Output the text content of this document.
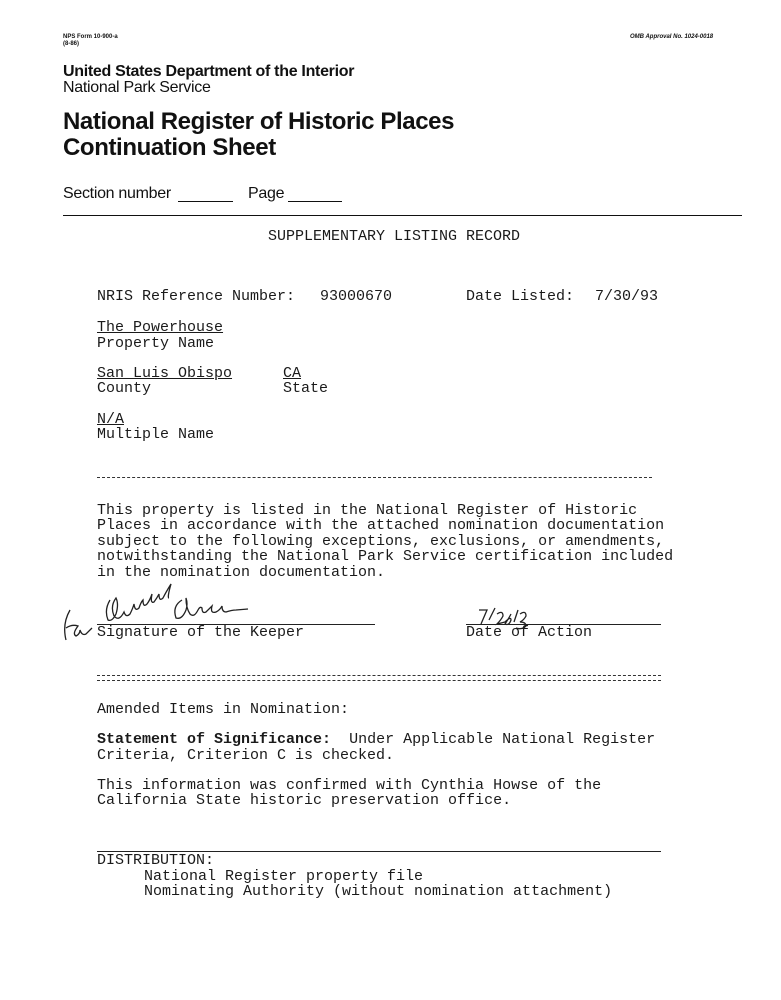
NPS Form 10-900-a
(8-86)
OMB Approval No. 1024-0018
United States Department of the Interior
National Park Service
National Register of Historic Places
Continuation Sheet
Section number	Page
SUPPLEMENTARY LISTING RECORD
NRIS Reference Number: 93000670	Date Listed: 7/30/93
The Powerhouse
Property Name
San Luis Obispo
County
CA
State
N/A
Multiple Name

This property is listed in the National Register of Historic
Places in accordance with the attached nomination documentation
subject to the following exceptions, exclusions, or amendments,
notwithstanding the National Park Service certification included
in the nomination documentation.

Signature of the Keeper	Date of Action
Amended Items in Nomination:
Statement of Significance: Under Applicable National Register
Criteria, Criterion C is checked.
This information was confirmed with Cynthia Howse of the
California State historic preservation office.
DISTRIBUTION:
National Register property file
Nominating Authority (without nomination attachment)
